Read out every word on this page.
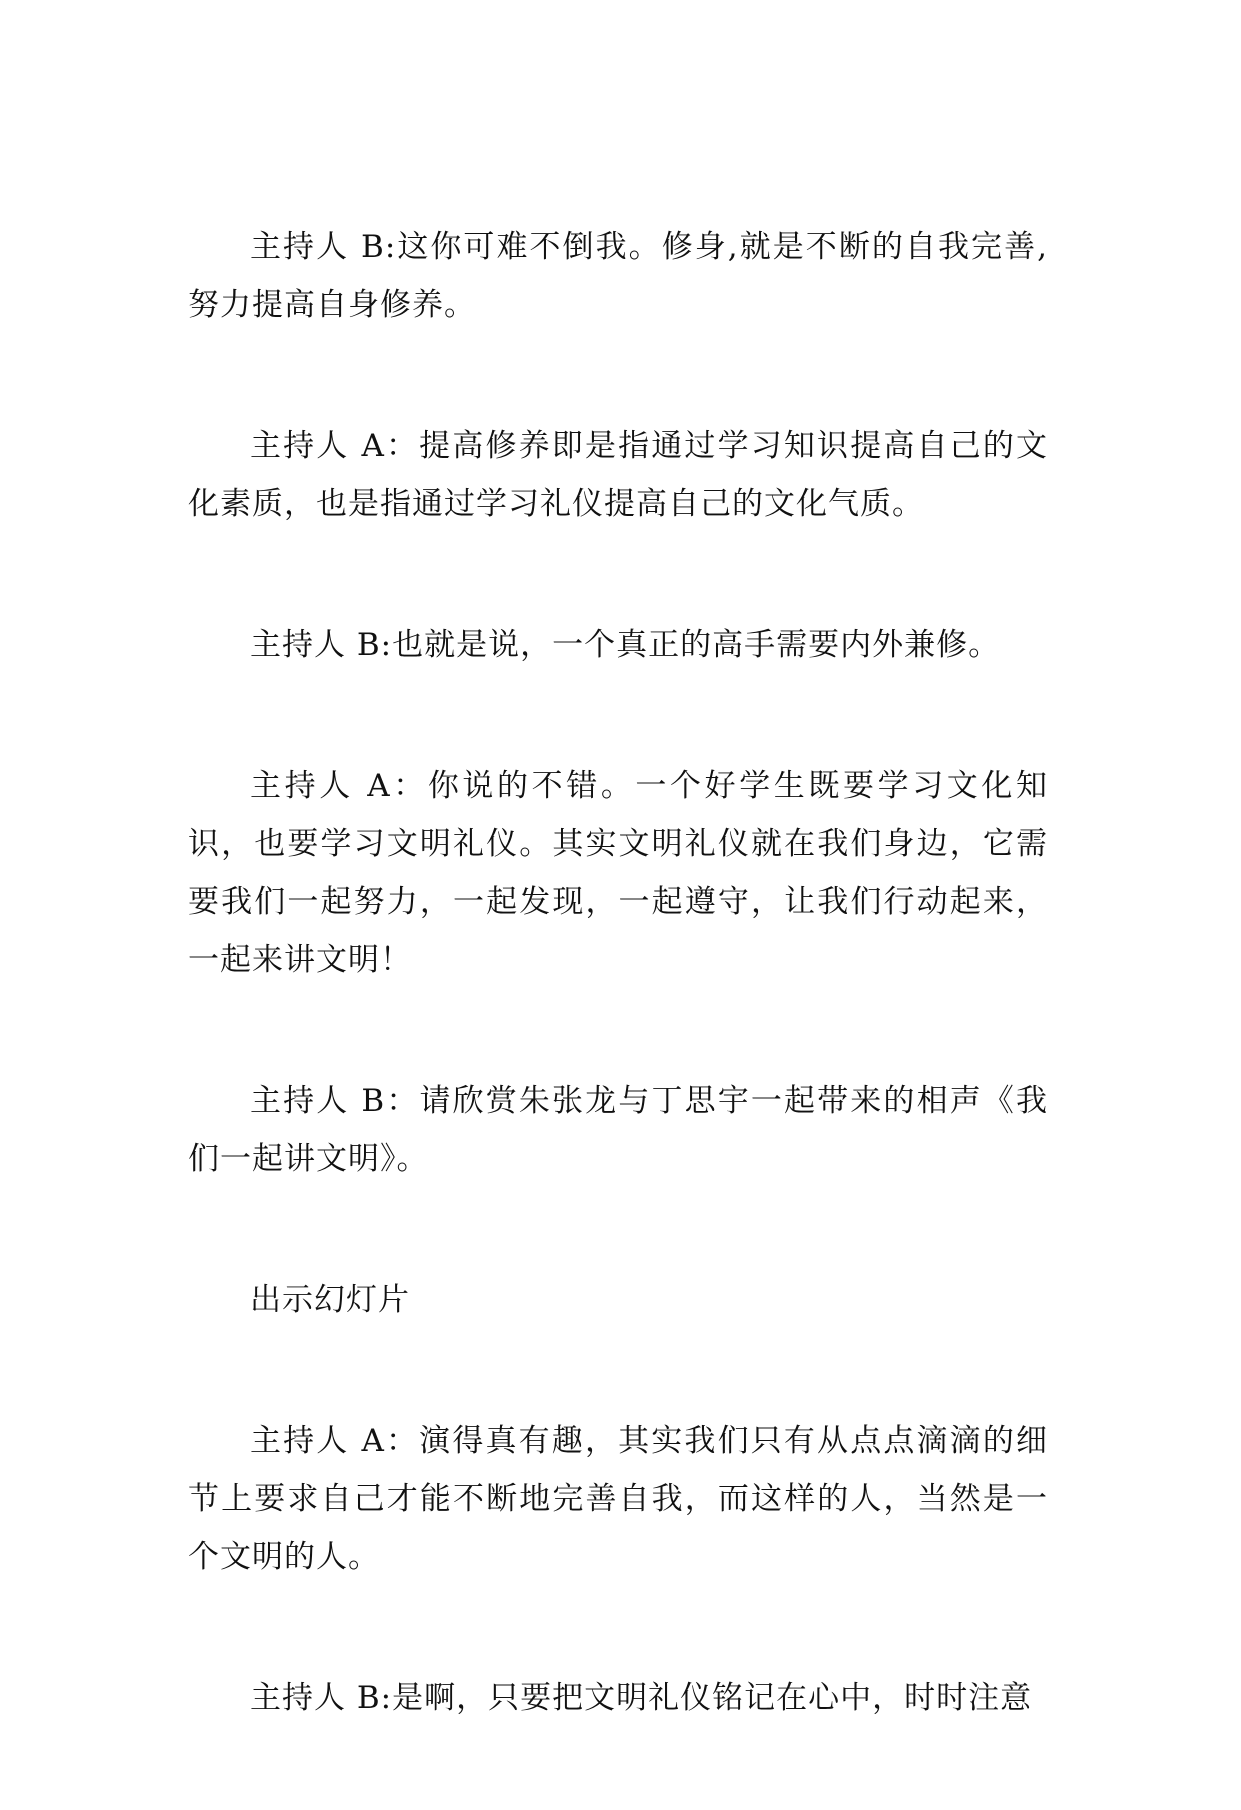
主持人 B:这你可难不倒我。修身,就是不断的自我完善,努力提高自身修养。

主持人 A：提高修养即是指通过学习知识提高自己的文化素质，也是指通过学习礼仪提高自己的文化气质。

主持人 B:也就是说，一个真正的高手需要内外兼修。

主持人 A：你说的不错。一个好学生既要学习文化知识，也要学习文明礼仪。其实文明礼仪就在我们身边，它需要我们一起努力，一起发现，一起遵守，让我们行动起来，一起来讲文明！

主持人 B：请欣赏朱张龙与丁思宇一起带来的相声《我们一起讲文明》。

出示幻灯片

主持人 A：演得真有趣，其实我们只有从点点滴滴的细节上要求自己才能不断地完善自我，而这样的人，当然是一个文明的人。

主持人 B:是啊，只要把文明礼仪铭记在心中，时时注意
